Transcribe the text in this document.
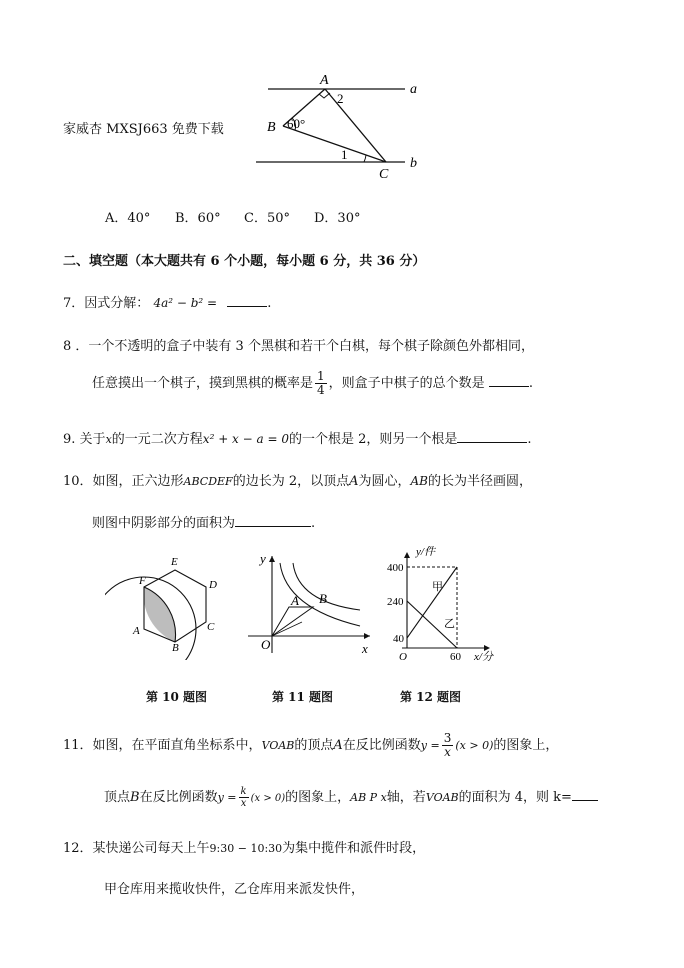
家威杏 MXSJ663 免费下载
A
B
C
a
b
60°
1
2
A．40° B．60° C．50° D．30°
二、填空题（本大题共有 6 个小题，每小题 6 分，共 36 分）
7．因式分解： 4a² − b² =	.
8 ．一个不透明的盒子中装有 3 个黑棋和若干个白棋，每个棋子除颜色外都相同，
任意摸出一个棋子，摸到黑棋的概率是 $\frac{1}{4}$ ，则盒子中棋子的总个数是	.
9. 关于x的一元二次方程x² + x − a = 0的一个根是 2，则另一个根是	.
10．如图，正六边形ABCDEF的边长为 2，以顶点A为圆心，AB的长为半径画圆，
则图中阴影部分的面积为	.
F
E
D
C
B
A
y
x
O
A B
y/件
400
240
40
O	60 x/分
甲
乙
第 10 题图	第 11 题图	第 12 题图
11．如图，在平面直角坐标系中，VOAB的顶点A在反比例函数$y = \frac{3}{x} (x > 0)$的图象上，
顶点B在反比例函数$y = \frac{k}{x} (x > 0)$的图象上，AB P x轴，若VOAB的面积为 4，则 k=
12．某快递公司每天上午9:30 − 10:30为集中揽件和派件时段，
甲仓库用来揽收快件，乙仓库用来派发快件，
